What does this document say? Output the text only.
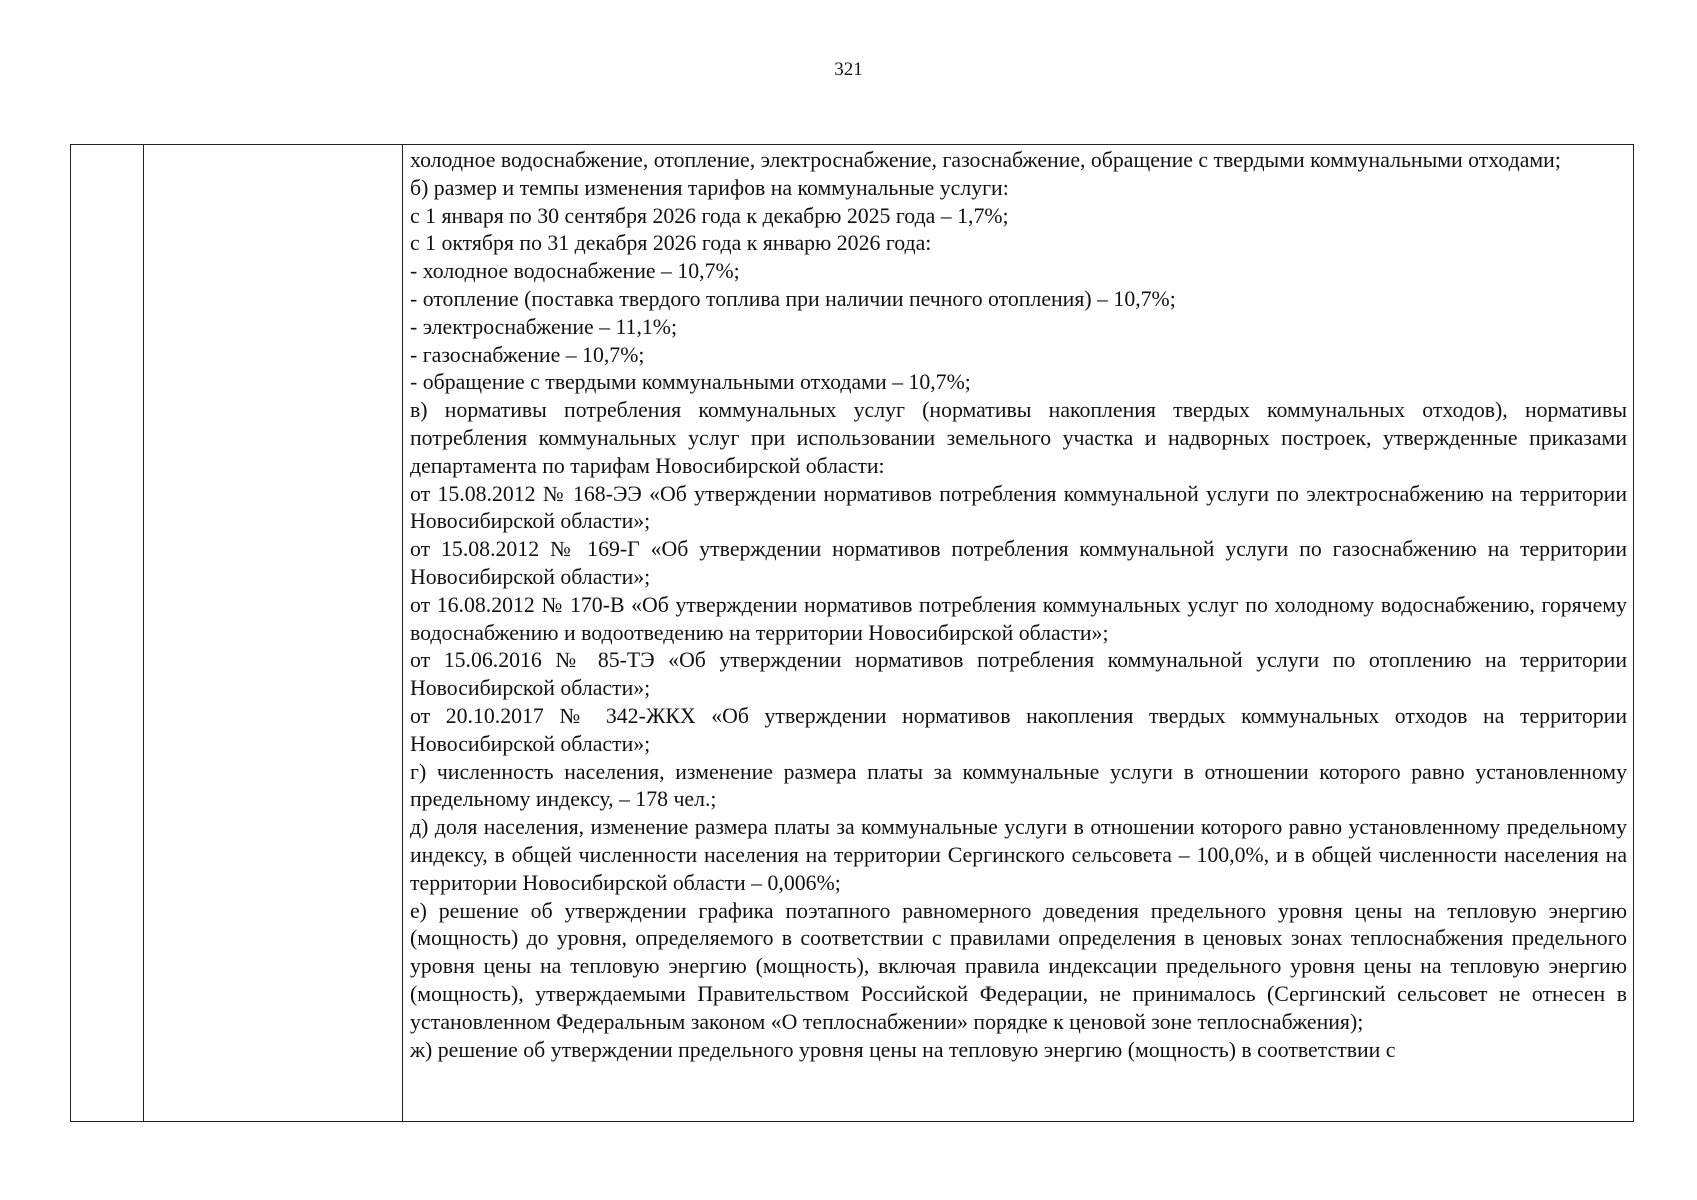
321

холодное водоснабжение, отопление, электроснабжение, газоснабжение, обращение с твердыми коммунальными отходами;

б) размер и темпы изменения тарифов на коммунальные услуги:

с 1 января по 30 сентября 2026 года к декабрю 2025 года – 1,7%;

с 1 октября по 31 декабря 2026 года к январю 2026 года:

- холодное водоснабжение – 10,7%;

- отопление (поставка твердого топлива при наличии печного отопления) – 10,7%;

- электроснабжение – 11,1%;

- газоснабжение – 10,7%;

- обращение с твердыми коммунальными отходами – 10,7%;

в) нормативы потребления коммунальных услуг (нормативы накопления твердых коммунальных отходов), нормативы потребления коммунальных услуг при использовании земельного участка и надворных построек, утвержденные приказами департамента по тарифам Новосибирской области:

от 15.08.2012 № 168-ЭЭ «Об утверждении нормативов потребления коммунальной услуги по электроснабжению на территории Новосибирской области»;

от 15.08.2012 № 169-Г «Об утверждении нормативов потребления коммунальной услуги по газоснабжению на территории Новосибирской области»;

от 16.08.2012 № 170-В «Об утверждении нормативов потребления коммунальных услуг по холодному водоснабжению, горячему водоснабжению и водоотведению на территории Новосибирской области»;

от 15.06.2016 № 85-ТЭ «Об утверждении нормативов потребления коммунальной услуги по отоплению на территории Новосибирской области»;

от 20.10.2017 № 342-ЖКХ «Об утверждении нормативов накопления твердых коммунальных отходов на территории Новосибирской области»;

г) численность населения, изменение размера платы за коммунальные услуги в отношении которого равно установленному предельному индексу, – 178 чел.;

д) доля населения, изменение размера платы за коммунальные услуги в отношении которого равно установленному предельному индексу, в общей численности населения на территории Сергинского сельсовета – 100,0%, и в общей численности населения на территории Новосибирской области – 0,006%;

е) решение об утверждении графика поэтапного равномерного доведения предельного уровня цены на тепловую энергию (мощность) до уровня, определяемого в соответствии с правилами определения в ценовых зонах теплоснабжения предельного уровня цены на тепловую энергию (мощность), включая правила индексации предельного уровня цены на тепловую энергию (мощность), утверждаемыми Правительством Российской Федерации, не принималось (Сергинский сельсовет не отнесен в установленном Федеральным законом «О теплоснабжении» порядке к ценовой зоне теплоснабжения);

ж) решение об утверждении предельного уровня цены на тепловую энергию (мощность) в соответствии с
